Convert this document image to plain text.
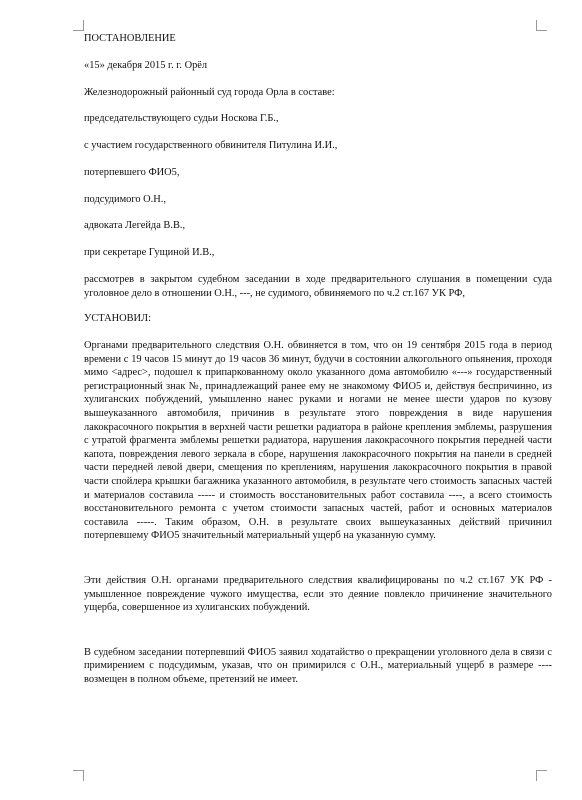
ПОСТАНОВЛЕНИЕ
«15» декабря 2015 г. г. Орёл
Железнодорожный районный суд города Орла в составе:
председательствующего судьи Носкова Г.Б.,
с участием государственного обвинителя Питулина И.И.,
потерпевшего ФИО5,
подсудимого О.Н.,
адвоката Легейда В.В.,
при секретаре Гущиной И.В.,

рассмотрев в закрытом судебном заседании в ходе предварительного слушания в помещении суда уголовное дело в отношении О.Н., ---, не судимого, обвиняемого по ч.2 ст.167 УК РФ,

УСТАНОВИЛ:

Органами предварительного следствия О.Н. обвиняется в том, что он 19 сентября 2015 года в период времени с 19 часов 15 минут до 19 часов 36 минут, будучи в состоянии алкогольного опьянения, проходя мимо <адрес>, подошел к припаркованному около указанного дома автомобилю «---» государственный регистрационный знак №, принадлежащий ранее ему не знакомому ФИО5 и, действуя беспричинно, из хулиганских побуждений, умышленно нанес руками и ногами не менее шести ударов по кузову вышеуказанного автомобиля, причинив в результате этого повреждения в виде нарушения лакокрасочного покрытия в верхней части решетки радиатора в районе крепления эмблемы, разрушения с утратой фрагмента эмблемы решетки радиатора, нарушения лакокрасочного покрытия передней части капота, повреждения левого зеркала в сборе, нарушения лакокрасочного покрытия на панели в средней части передней левой двери, смещения по креплениям, нарушения лакокрасочного покрытия в правой части спойлера крышки багажника указанного автомобиля, в результате чего стоимость запасных частей и материалов составила ----- и стоимость восстановительных работ составила ----, а всего стоимость восстановительного ремонта с учетом стоимости запасных частей, работ и основных материалов составила -----. Таким образом, О.Н. в результате своих вышеуказанных действий причинил потерпевшему ФИО5 значительный материальный ущерб на указанную сумму.

Эти действия О.Н. органами предварительного следствия квалифицированы по ч.2 ст.167 УК РФ - умышленное повреждение чужого имущества, если это деяние повлекло причинение значительного ущерба, совершенное из хулиганских побуждений.

В судебном заседании потерпевший ФИО5 заявил ходатайство о прекращении уголовного дела в связи с примирением с подсудимым, указав, что он примирился с О.Н., материальный ущерб в размере ---- возмещен в полном объеме, претензий не имеет.
